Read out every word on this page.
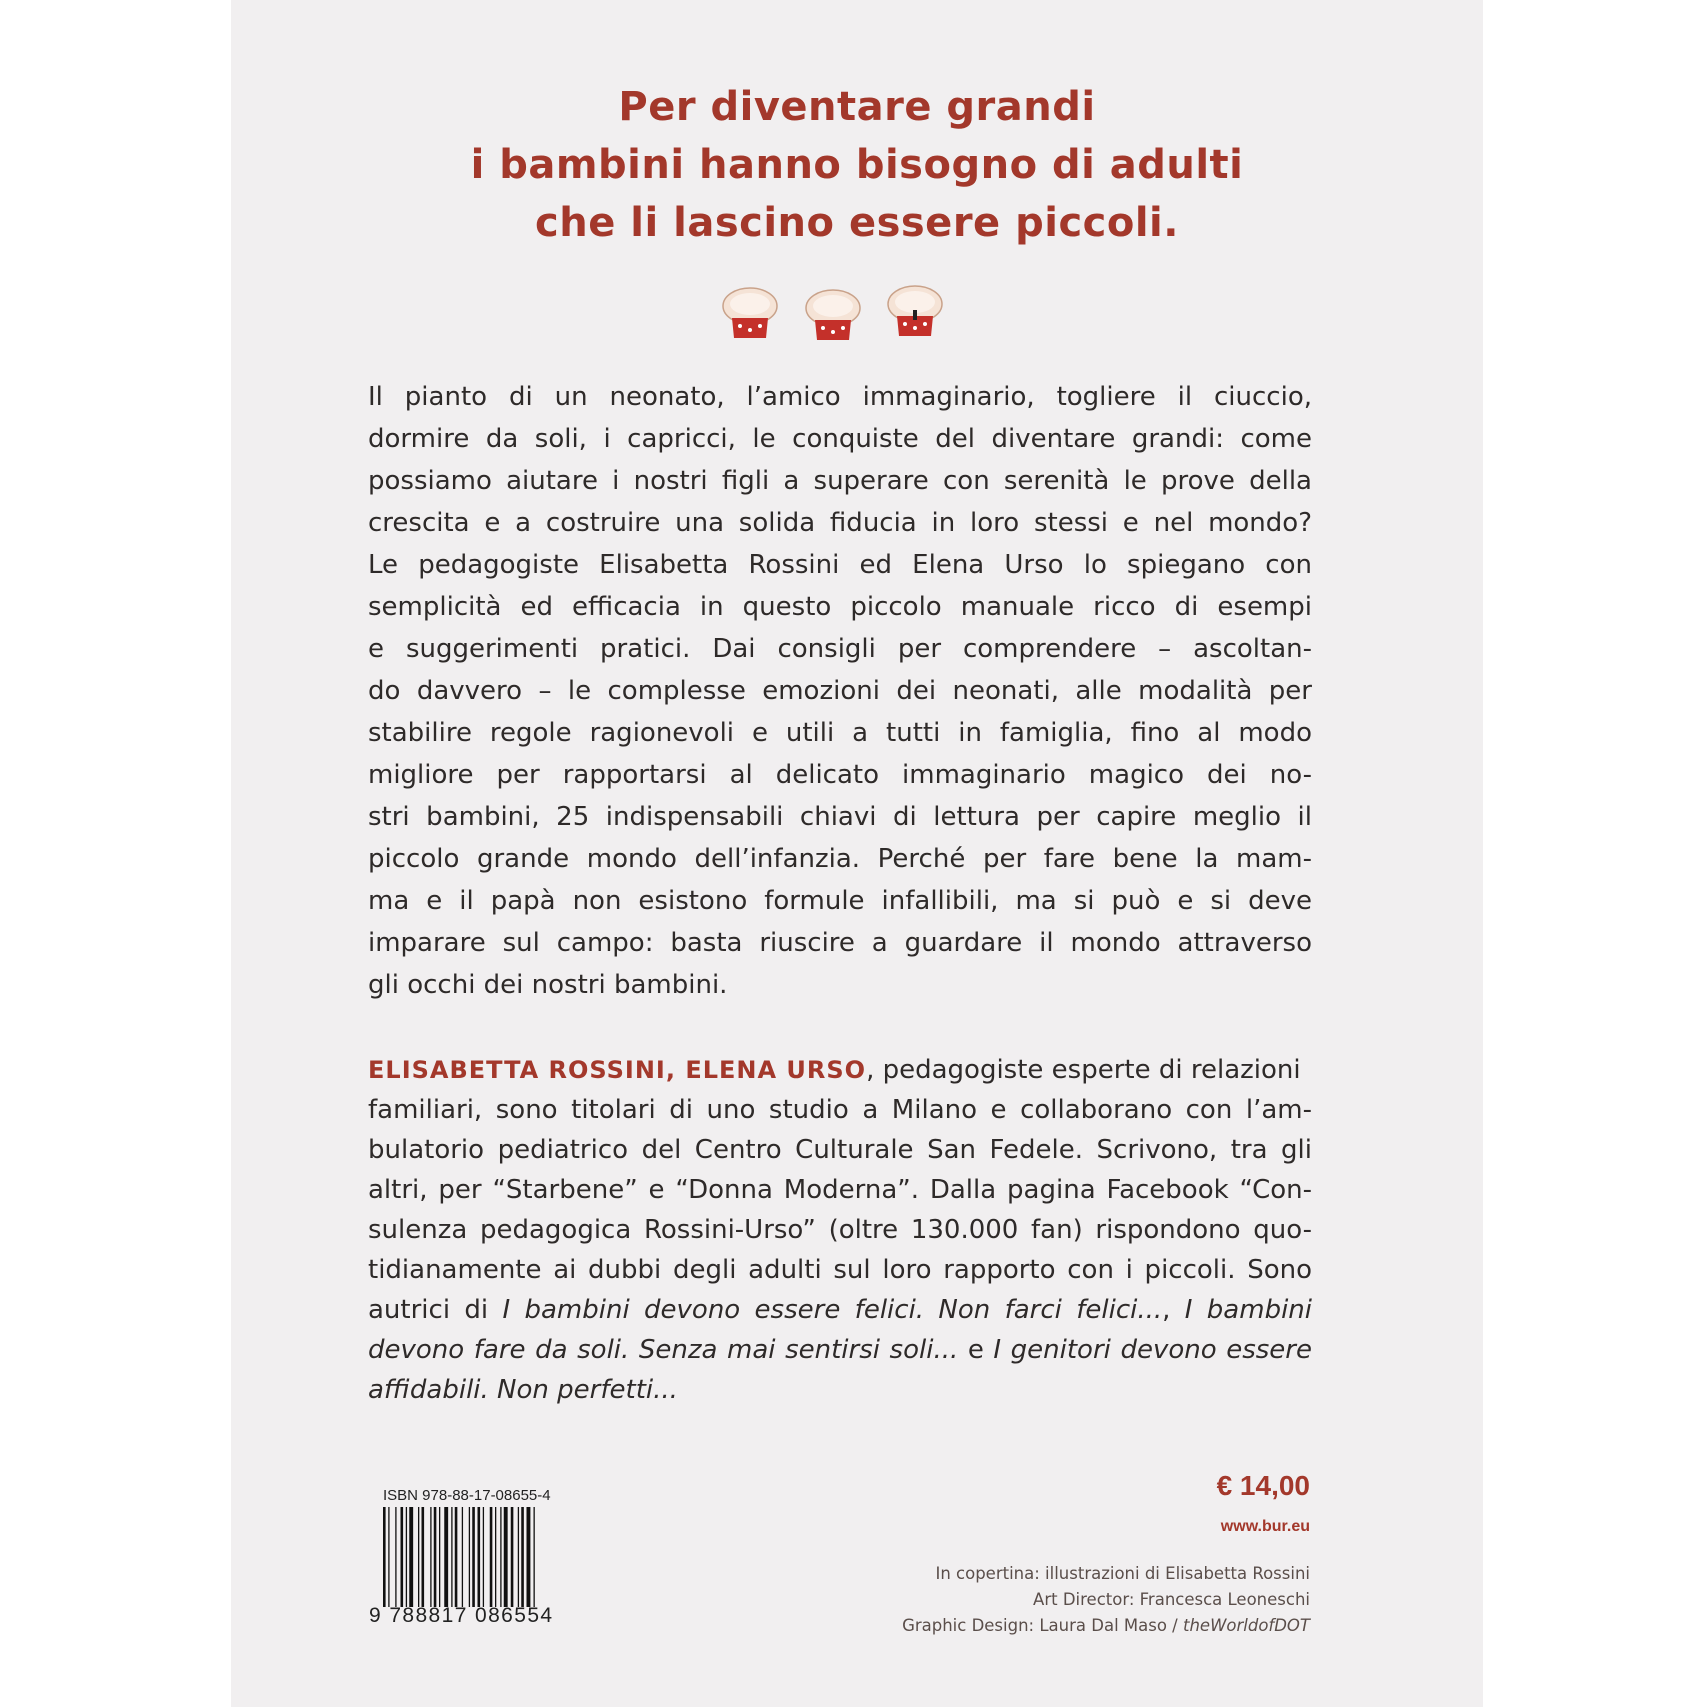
Per diventare grandi
i bambini hanno bisogno di adulti
che li lascino essere piccoli.
Il pianto di un neonato, l’amico immaginario, togliere il ciuccio,
dormire da soli, i capricci, le conquiste del diventare grandi: come
possiamo aiutare i nostri figli a superare con serenità le prove della
crescita e a costruire una solida fiducia in loro stessi e nel mondo?
Le pedagogiste Elisabetta Rossini ed Elena Urso lo spiegano con
semplicità ed efficacia in questo piccolo manuale ricco di esempi
e suggerimenti pratici. Dai consigli per comprendere – ascoltan-
do davvero – le complesse emozioni dei neonati, alle modalità per
stabilire regole ragionevoli e utili a tutti in famiglia, fino al modo
migliore per rapportarsi al delicato immaginario magico dei no-
stri bambini, 25 indispensabili chiavi di lettura per capire meglio il
piccolo grande mondo dell’infanzia. Perché per fare bene la mam-
ma e il papà non esistono formule infallibili, ma si può e si deve
imparare sul campo: basta riuscire a guardare il mondo attraverso
gli occhi dei nostri bambini.
ELISABETTA ROSSINI, ELENA URSO, pedagogiste esperte di relazioni
familiari, sono titolari di uno studio a Milano e collaborano con l’am-
bulatorio pediatrico del Centro Culturale San Fedele. Scrivono, tra gli
altri, per “Starbene” e “Donna Moderna”. Dalla pagina Facebook “Con-
sulenza pedagogica Rossini-Urso” (oltre 130.000 fan) rispondono quo-
tidianamente ai dubbi degli adulti sul loro rapporto con i piccoli. Sono
autrici di I bambini devono essere felici. Non farci felici..., I bambini
devono fare da soli. Senza mai sentirsi soli... e I genitori devono essere
affidabili. Non perfetti...
ISBN 978-88-17-08655-4
9 788817 086554
€ 14,00
www.bur.eu
In copertina: illustrazioni di Elisabetta Rossini
Art Director: Francesca Leoneschi
Graphic Design: Laura Dal Maso / theWorldofDOT
